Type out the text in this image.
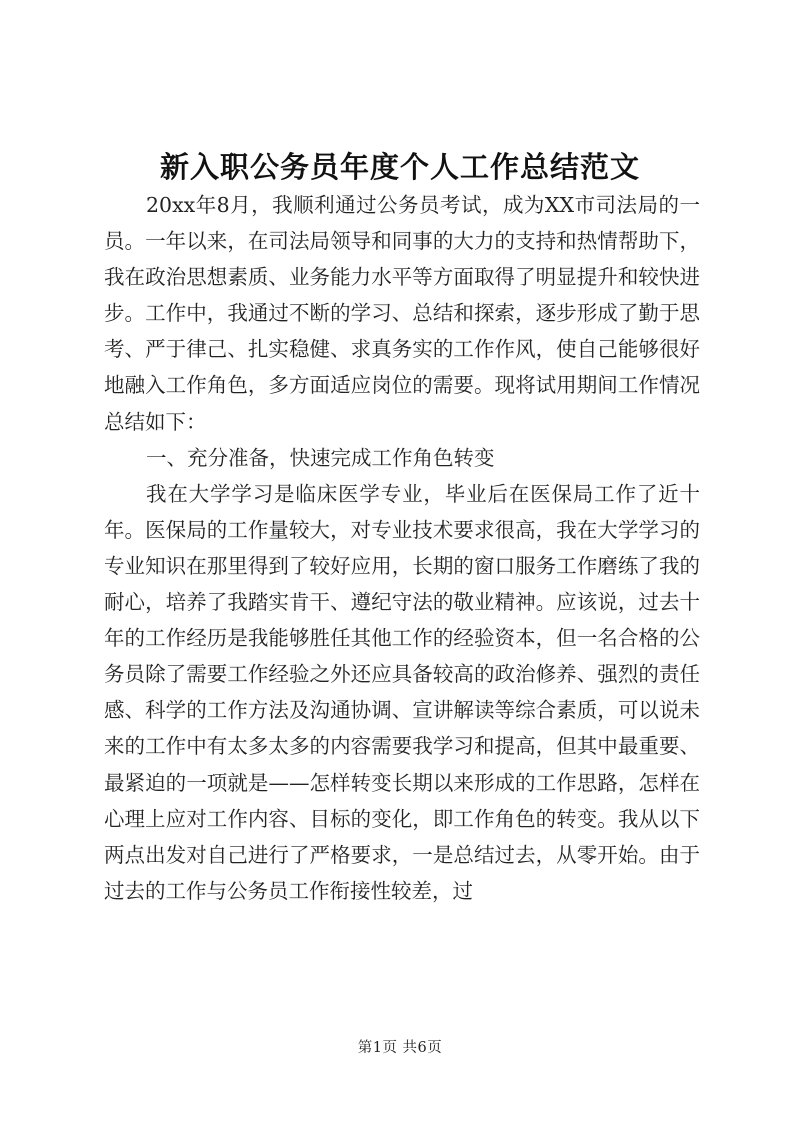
新入职公务员年度个人工作总结范文

20xx年8月，我顺利通过公务员考试，成为XX市司法局的一员。一年以来，在司法局领导和同事的大力的支持和热情帮助下，我在政治思想素质、业务能力水平等方面取得了明显提升和较快进步。工作中，我通过不断的学习、总结和探索，逐步形成了勤于思考、严于律己、扎实稳健、求真务实的工作作风，使自己能够很好地融入工作角色，多方面适应岗位的需要。现将试用期间工作情况总结如下：

一、充分准备，快速完成工作角色转变

我在大学学习是临床医学专业，毕业后在医保局工作了近十年。医保局的工作量较大，对专业技术要求很高，我在大学学习的专业知识在那里得到了较好应用，长期的窗口服务工作磨练了我的耐心，培养了我踏实肯干、遵纪守法的敬业精神。应该说，过去十年的工作经历是我能够胜任其他工作的经验资本，但一名合格的公务员除了需要工作经验之外还应具备较高的政治修养、强烈的责任感、科学的工作方法及沟通协调、宣讲解读等综合素质，可以说未来的工作中有太多太多的内容需要我学习和提高，但其中最重要、最紧迫的一项就是——怎样转变长期以来形成的工作思路，怎样在心理上应对工作内容、目标的变化，即工作角色的转变。我从以下两点出发对自己进行了严格要求，一是总结过去，从零开始。由于过去的工作与公务员工作衔接性较差，过

第1页 共6页
